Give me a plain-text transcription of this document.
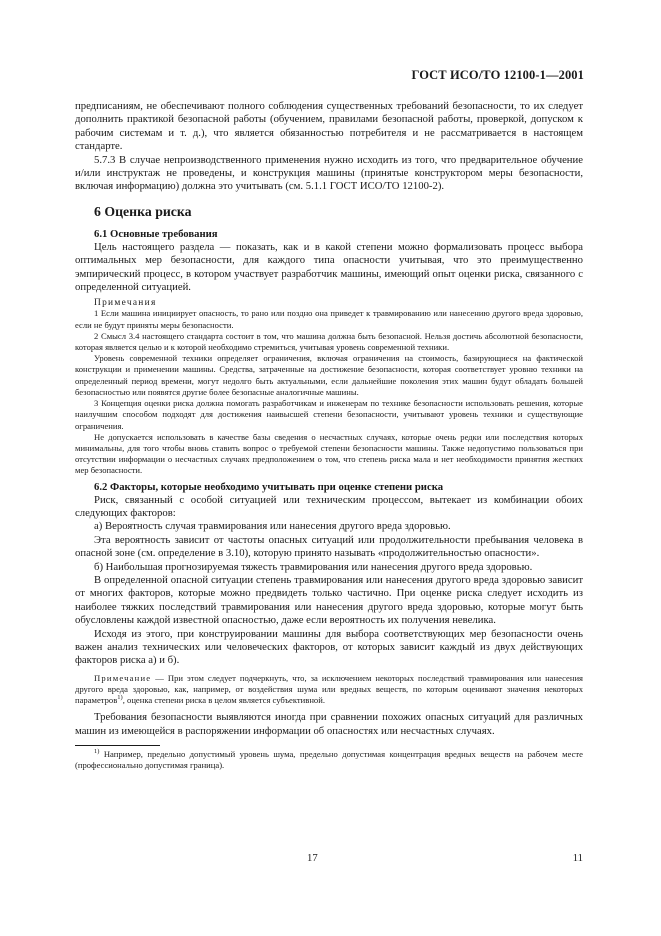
ГОСТ ИСО/ТО 12100-1—2001

предписаниям, не обеспечивают полного соблюдения существенных требований безопасности, то их следует дополнить практикой безопасной работы (обучением, правилами безопасной работы, проверкой, допуском к рабочим системам и т. д.), что является обязанностью потребителя и не рассматривается в настоящем стандарте.

5.7.3 В случае непроизводственного применения нужно исходить из того, что предварительное обучение и/или инструктаж не проведены, и конструкция машины (принятые конструктором меры безопасности, включая информацию) должна это учитывать (см. 5.1.1 ГОСТ ИСО/ТО 12100-2).

6 Оценка риска
6.1 Основные требования

Цель настоящего раздела — показать, как и в какой степени можно формализовать процесс выбора оптимальных мер безопасности, для каждого типа опасности учитывая, что это преимущественно эмпирический процесс, в котором участвует разработчик машины, имеющий опыт оценки риска, связанного с определенной ситуацией.

Примечания

1 Если машина инициирует опасность, то рано или поздно она приведет к травмированию или нанесению другого вреда здоровью, если не будут приняты меры безопасности.

2 Смысл 3.4 настоящего стандарта состоит в том, что машина должна быть безопасной. Нельзя достичь абсолютной безопасности, которая является целью и к которой необходимо стремиться, учитывая уровень современной техники.

Уровень современной техники определяет ограничения, включая ограничения на стоимость, базирующиеся на фактической конструкции и применении машины. Средства, затраченные на достижение безопасности, которая соответствует уровню техники на определенный период времени, могут недолго быть актуальными, если дальнейшие поколения этих машин будут обладать большей безопасностью или появятся другие более безопасные аналогичные машины.

3 Концепция оценки риска должна помогать разработчикам и инженерам по технике безопасности использовать решения, которые наилучшим способом подходят для достижения наивысшей степени безопасности, учитывают уровень техники и существующие ограничения.

Не допускается использовать в качестве базы сведения о несчастных случаях, которые очень редки или последствия которых минимальны, для того чтобы вновь ставить вопрос о требуемой степени безопасности машины. Также недопустимо пользоваться при отсутствии информации о несчастных случаях предположением о том, что степень риска мала и нет необходимости принятия жестких мер безопасности.

6.2 Факторы, которые необходимо учитывать при оценке степени риска

Риск, связанный с особой ситуацией или техническим процессом, вытекает из комбинации обоих следующих факторов:

а) Вероятность случая травмирования или нанесения другого вреда здоровью.

Эта вероятность зависит от частоты опасных ситуаций или продолжительности пребывания человека в опасной зоне (см. определение в 3.10), которую принято называть «продолжительностью опасности».

б) Наибольшая прогнозируемая тяжесть травмирования или нанесения другого вреда здоровью.

В определенной опасной ситуации степень травмирования или нанесения другого вреда здоровью зависит от многих факторов, которые можно предвидеть только частично. При оценке риска следует исходить из наиболее тяжких последствий травмирования или нанесения другого вреда здоровью, которые могут быть обусловлены каждой известной опасностью, даже если вероятность их получения невелика.

Исходя из этого, при конструировании машины для выбора соответствующих мер безопасности очень важен анализ технических или человеческих факторов, от которых зависит каждый из двух действующих факторов риска а) и б).

Примечание — При этом следует подчеркнуть, что, за исключением некоторых последствий травмирования или нанесения другого вреда здоровью, как, например, от воздействия шума или вредных веществ, по которым оценивают значения некоторых параметров$^{1)}$, оценка степени риска в целом является субъективной.

Требования безопасности выявляются иногда при сравнении похожих опасных ситуаций для различных машин из имеющейся в распоряжении информации об опасностях или несчастных случаях.

$^{1)}$ Например, предельно допустимый уровень шума, предельно допустимая концентрация вредных веществ на рабочем месте (профессионально допустимая граница).

17	11
